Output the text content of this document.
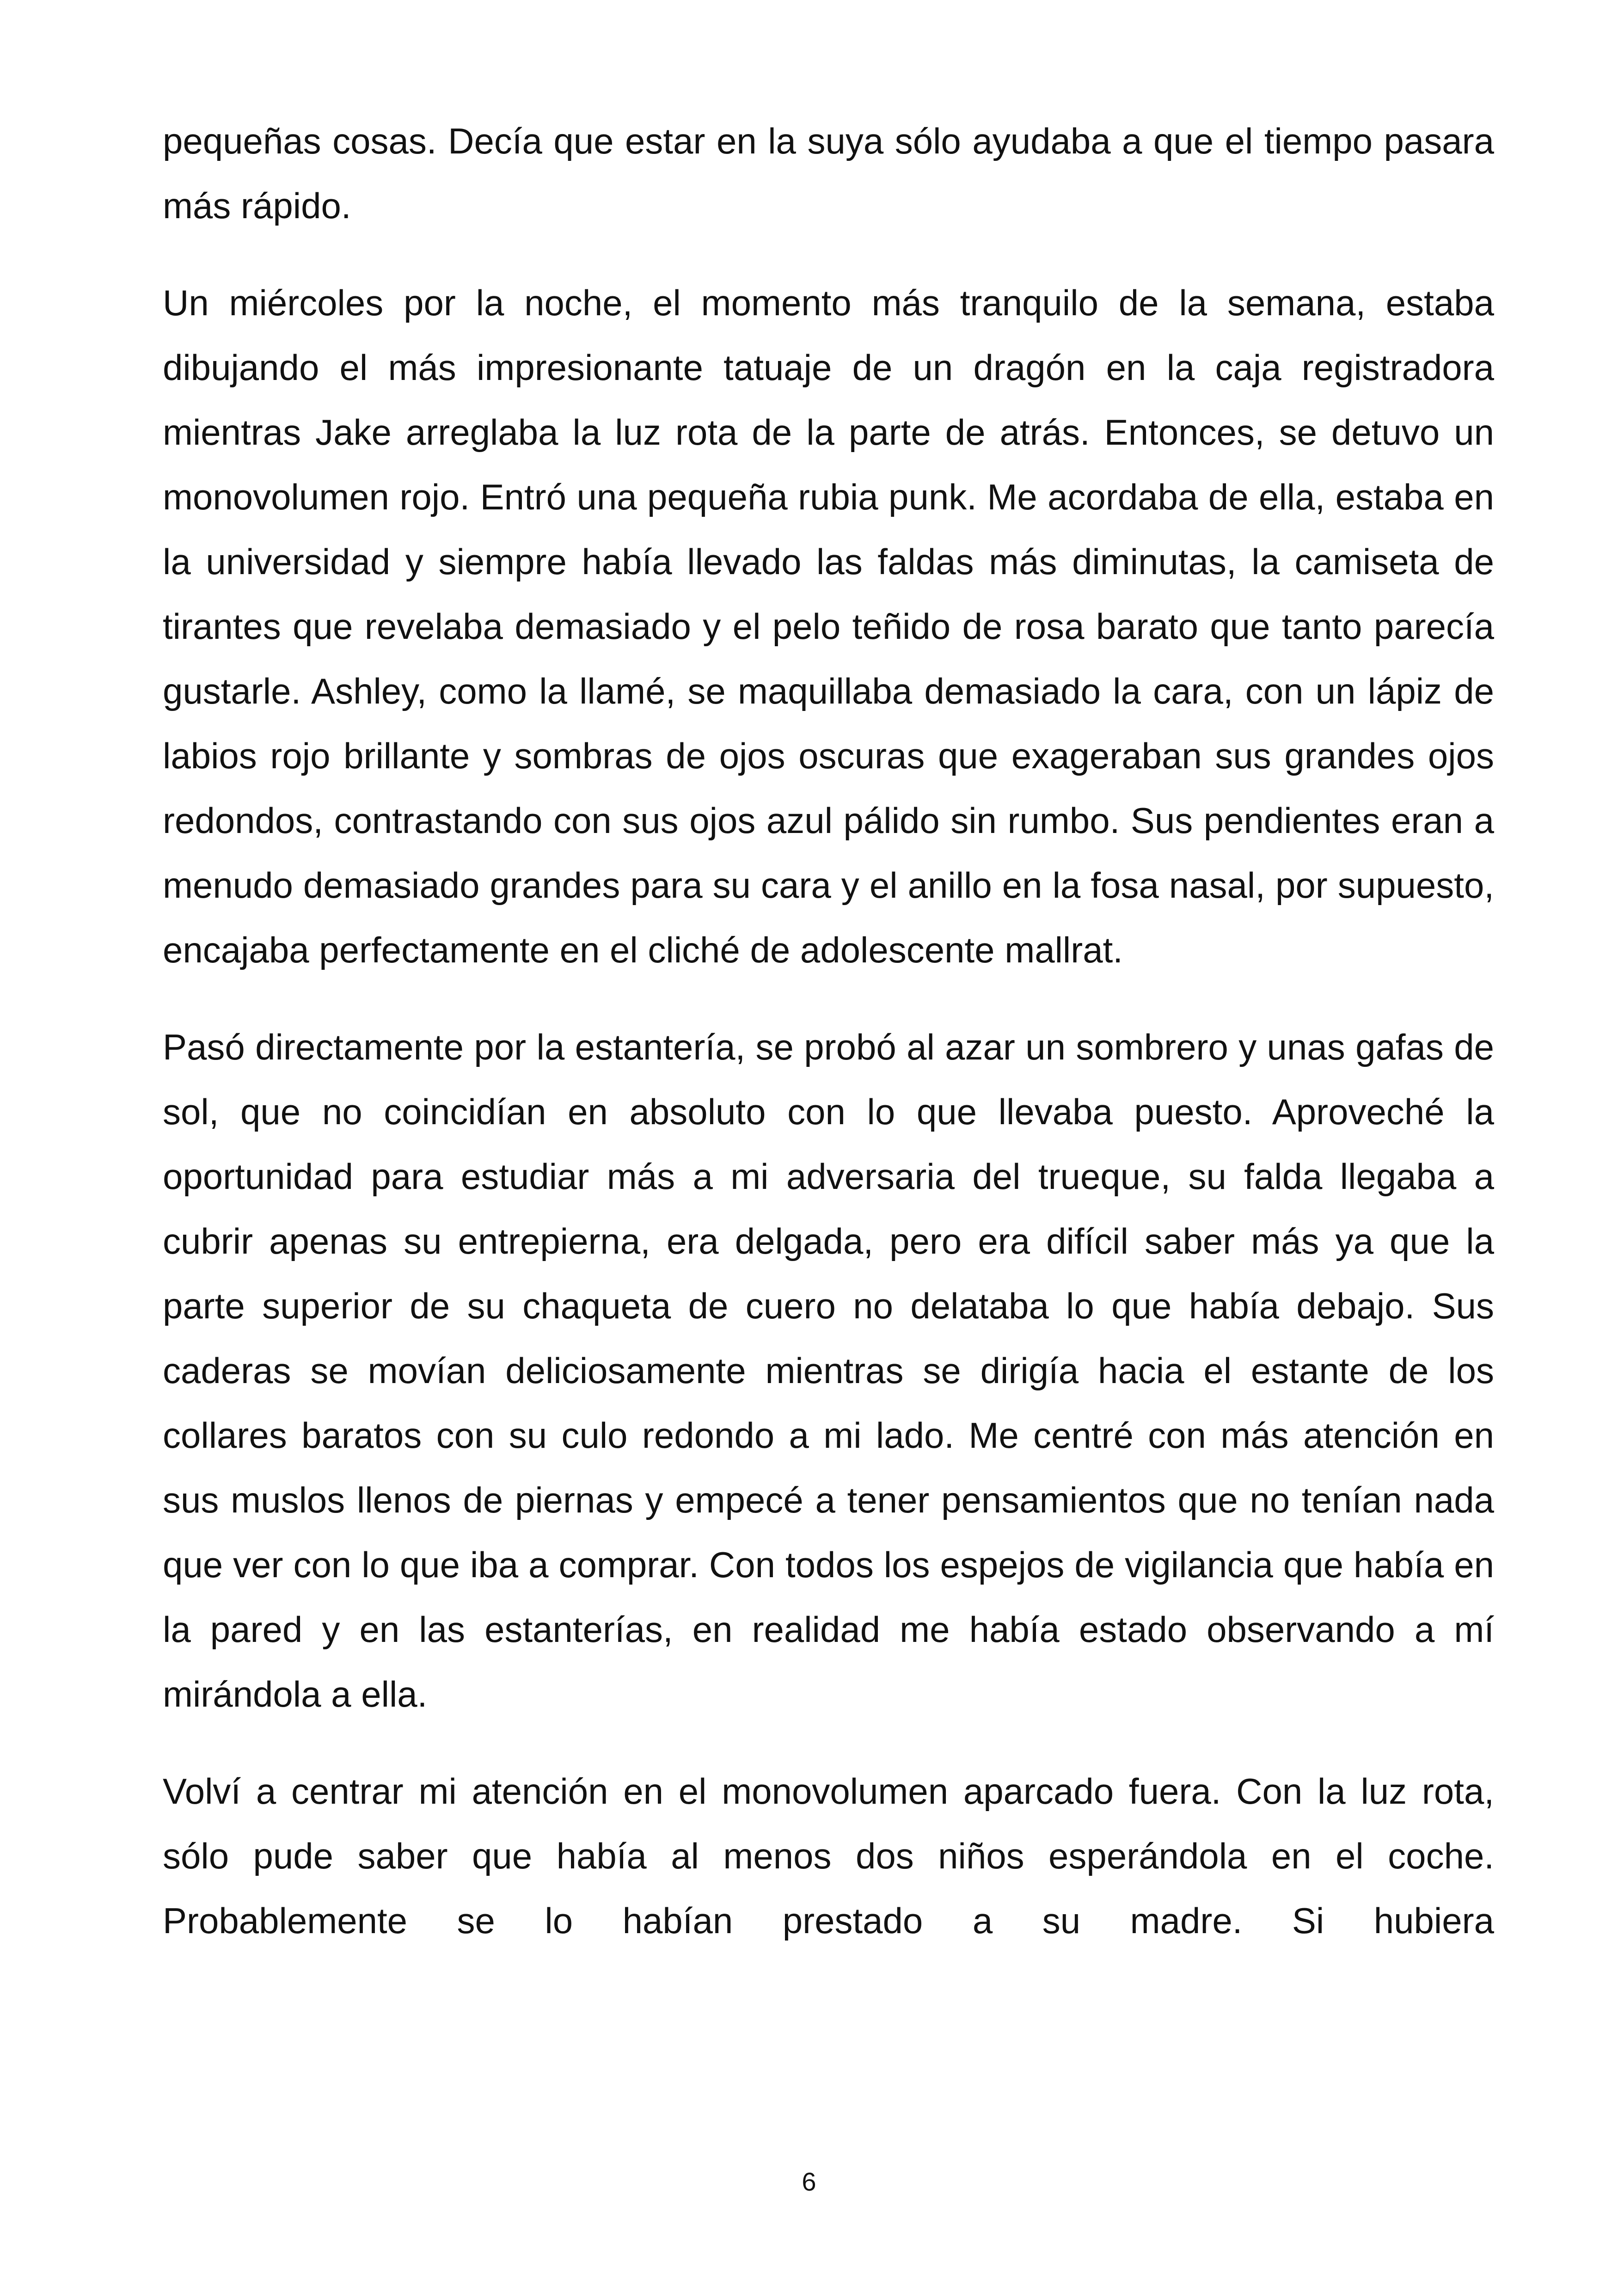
pequeñas cosas. Decía que estar en la suya sólo ayudaba a que el tiempo pasara más rápido.

Un miércoles por la noche, el momento más tranquilo de la semana, estaba dibujando el más impresionante tatuaje de un dragón en la caja registradora mientras Jake arreglaba la luz rota de la parte de atrás. Entonces, se detuvo un monovolumen rojo. Entró una pequeña rubia punk. Me acordaba de ella, estaba en la universidad y siempre había llevado las faldas más diminutas, la camiseta de tirantes que revelaba demasiado y el pelo teñido de rosa barato que tanto parecía gustarle. Ashley, como la llamé, se maquillaba demasiado la cara, con un lápiz de labios rojo brillante y sombras de ojos oscuras que exageraban sus grandes ojos redondos, contrastando con sus ojos azul pálido sin rumbo. Sus pendientes eran a menudo demasiado grandes para su cara y el anillo en la fosa nasal, por supuesto, encajaba perfectamente en el cliché de adolescente mallrat.

Pasó directamente por la estantería, se probó al azar un sombrero y unas gafas de sol, que no coincidían en absoluto con lo que llevaba puesto. Aproveché la oportunidad para estudiar más a mi adversaria del trueque, su falda llegaba a cubrir apenas su entrepierna, era delgada, pero era difícil saber más ya que la parte superior de su chaqueta de cuero no delataba lo que había debajo. Sus caderas se movían deliciosamente mientras se dirigía hacia el estante de los collares baratos con su culo redondo a mi lado. Me centré con más atención en sus muslos llenos de piernas y empecé a tener pensamientos que no tenían nada que ver con lo que iba a comprar. Con todos los espejos de vigilancia que había en la pared y en las estanterías, en realidad me había estado observando a mí mirándola a ella.

Volví a centrar mi atención en el monovolumen aparcado fuera. Con la luz rota, sólo pude saber que había al menos dos niños esperándola en el coche. Probablemente se lo habían prestado a su madre. Si hubiera

6
